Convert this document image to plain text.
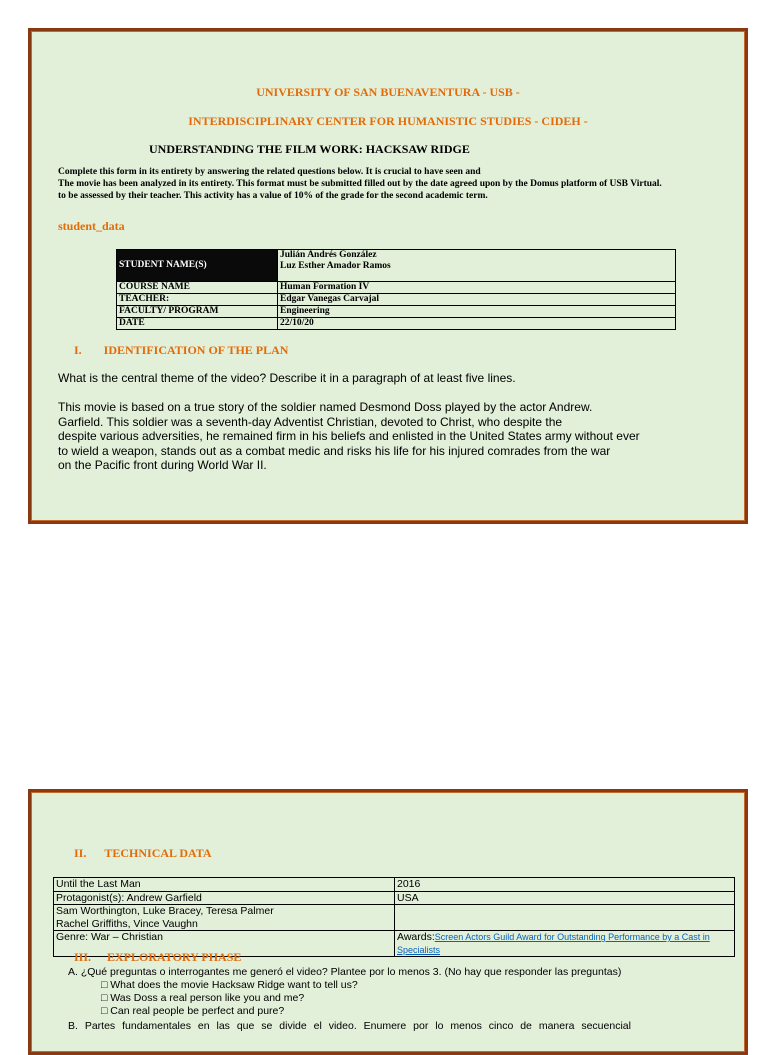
UNIVERSITY OF SAN BUENAVENTURA - USB -
INTERDISCIPLINARY CENTER FOR HUMANISTIC STUDIES - CIDEH -
UNDERSTANDING THE FILM WORK: HACKSAW RIDGE
Complete this form in its entirety by answering the related questions below. It is crucial to have seen and
The movie has been analyzed in its entirety. This format must be submitted filled out by the date agreed upon by the Domus platform of USB Virtual.
to be assessed by their teacher. This activity has a value of 10% of the grade for the second academic term.
student_data
STUDENT NAME(S)	Julián Andrés González
Luz Esther Amador Ramos

COURSE NAME	Human Formation IV
TEACHER:	Edgar Vanegas Carvajal
FACULTY/ PROGRAM	Engineering
DATE	22/10/20
I. IDENTIFICATION OF THE PLAN
What is the central theme of the video? Describe it in a paragraph of at least five lines.
This movie is based on a true story of the soldier named Desmond Doss played by the actor Andrew.
Garfield. This soldier was a seventh-day Adventist Christian, devoted to Christ, who despite the
despite various adversities, he remained firm in his beliefs and enlisted in the United States army without ever
to wield a weapon, stands out as a combat medic and risks his life for his injured comrades from the war
on the Pacific front during World War II.
II. TECHNICAL DATA
Until the Last Man	2016
Protagonist(s): Andrew Garfield	USA
Sam Worthington, Luke Bracey, Teresa Palmer
Rachel Griffiths, Vince Vaughn	
Genre: War – Christian	Awards:Screen Actors Guild Award for Outstanding Performance by a Cast in Specialists
III. EXPLORATORY PHASE
A. ¿Qué preguntas o interrogantes me generó el video? Plantee por lo menos 3. (No hay que responder las preguntas)
□ What does the movie Hacksaw Ridge want to tell us?
□ Was Doss a real person like you and me?
□ Can real people be perfect and pure?
B. Partes fundamentales en las que se divide el video. Enumere por lo menos cinco de manera secuencial
